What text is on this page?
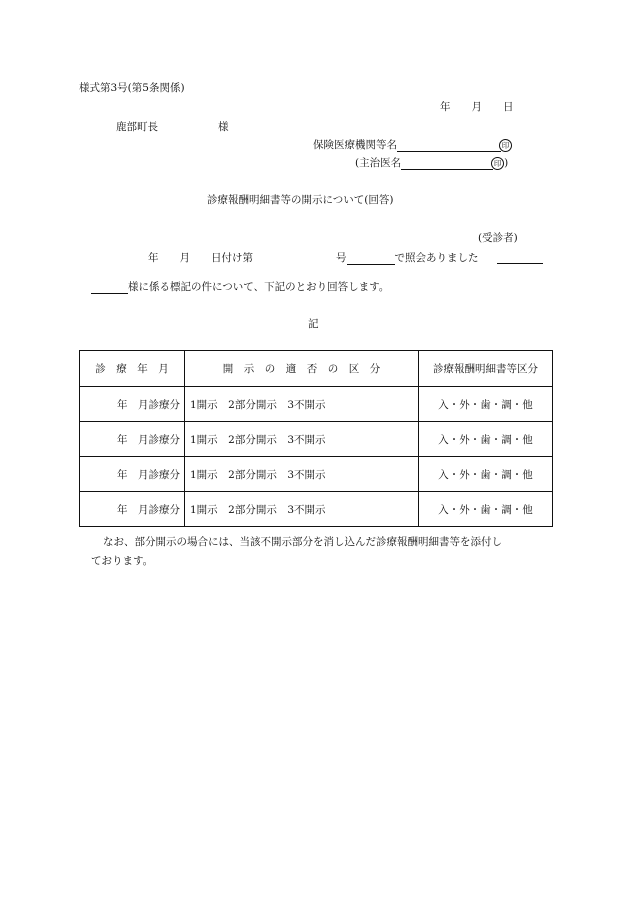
様式第3号(第5条関係)
年　　月　　日
鹿部町長	様
保険医療機関等名	印
(主治医名	印 )
診療報酬明細書等の開示について(回答)
(受診者)
年　　月　　日付け第	号	で照会ありました
様に係る標記の件について、下記のとおり回答します。
記
診　療　年　月	開　示　の　適　否　の　区　分	診療報酬明細書等区分
年　月診療分	1開示　2部分開示　3不開示	入・外・歯・調・他
年　月診療分	1開示　2部分開示　3不開示	入・外・歯・調・他
年　月診療分	1開示　2部分開示　3不開示	入・外・歯・調・他
年　月診療分	1開示　2部分開示　3不開示	入・外・歯・調・他
なお、部分開示の場合には、当該不開示部分を消し込んだ診療報酬明細書等を添付し
ております。
